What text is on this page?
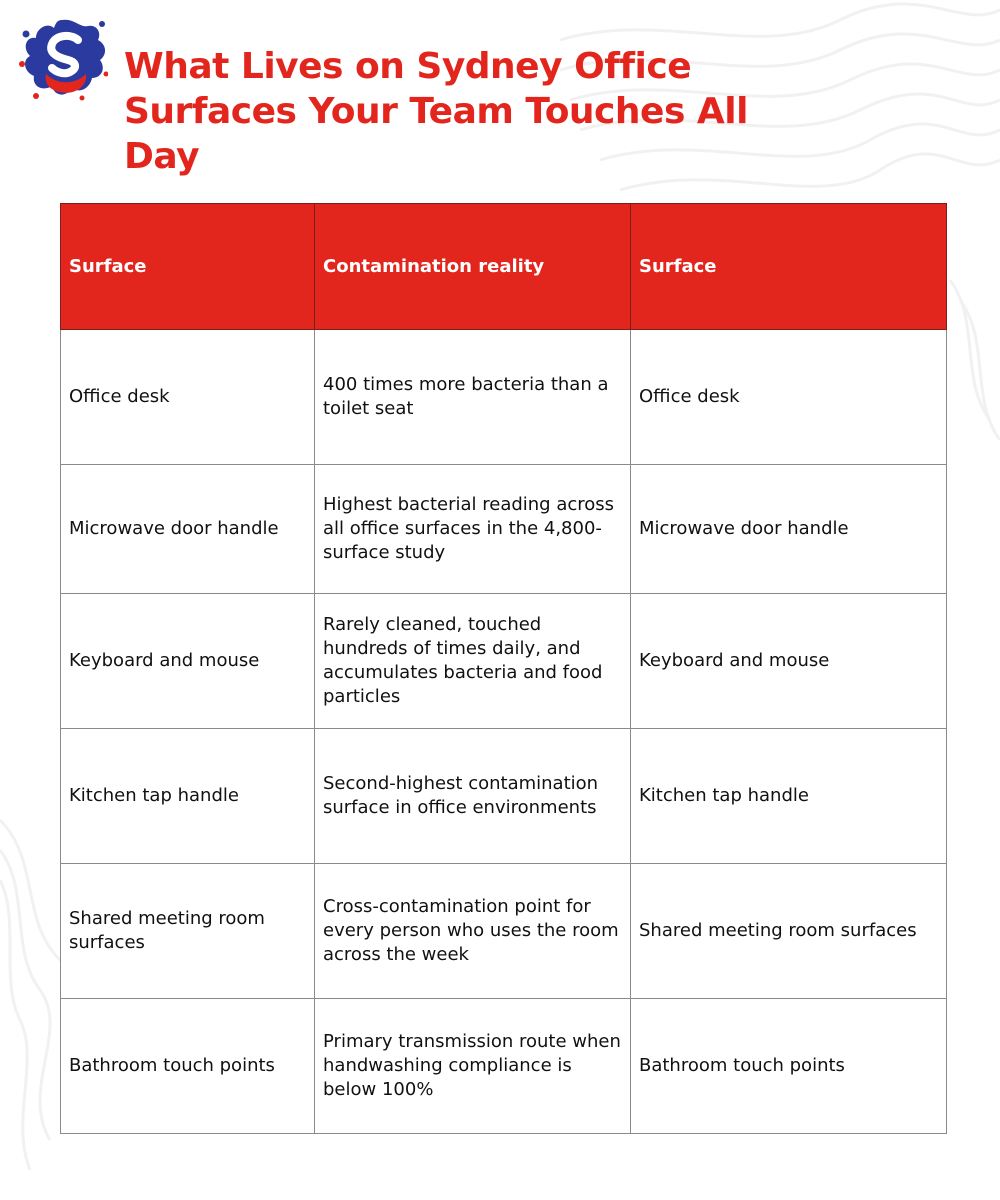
What Lives on Sydney Office Surfaces Your Team Touches All Day
Surface	Contamination reality	Surface
Office desk	400 times more bacteria than a toilet seat	Office desk
Microwave door handle	Highest bacterial reading across all office surfaces in the 4,800-surface study	Microwave door handle
Keyboard and mouse	Rarely cleaned, touched hundreds of times daily, and accumulates bacteria and food particles	Keyboard and mouse
Kitchen tap handle	Second-highest contamination surface in office environments	Kitchen tap handle
Shared meeting room surfaces	Cross-contamination point for every person who uses the room across the week	Shared meeting room surfaces
Bathroom touch points	Primary transmission route when handwashing compliance is below 100%	Bathroom touch points
